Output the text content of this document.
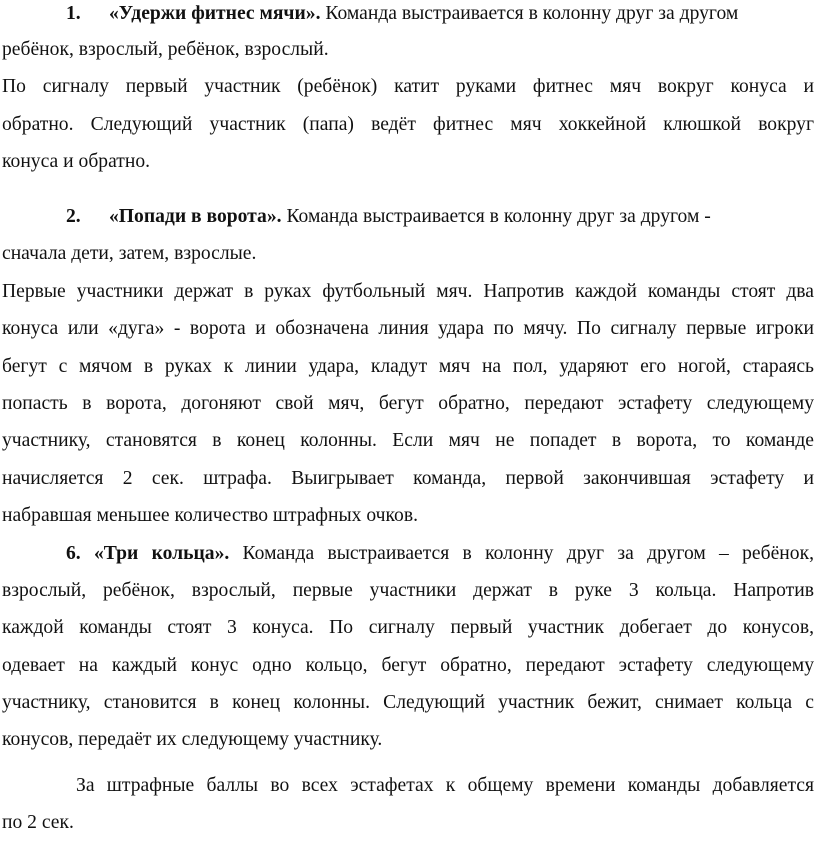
1. «Удержи фитнес мячи». Команда выстраивается в колонну друг за другом
ребёнок, взрослый, ребёнок, взрослый.
По сигналу первый участник (ребёнок) катит руками фитнес мяч вокруг конуса и
обратно. Следующий участник (папа) ведёт фитнес мяч хоккейной клюшкой вокруг
конуса и обратно.
2. «Попади в ворота». Команда выстраивается в колонну друг за другом -
сначала дети, затем, взрослые.
Первые участники держат в руках футбольный мяч. Напротив каждой команды стоят два
конуса или «дуга» - ворота и обозначена линия удара по мячу. По сигналу первые игроки
бегут с мячом в руках к линии удара, кладут мяч на пол, ударяют его ногой, стараясь
попасть в ворота, догоняют свой мяч, бегут обратно, передают эстафету следующему
участнику, становятся в конец колонны. Если мяч не попадет в ворота, то команде
начисляется 2 сек. штрафа. Выигрывает команда, первой закончившая эстафету и
набравшая меньшее количество штрафных очков.
6. «Три кольца». Команда выстраивается в колонну друг за другом – ребёнок,
взрослый, ребёнок, взрослый, первые участники держат в руке 3 кольца. Напротив
каждой команды стоят 3 конуса. По сигналу первый участник добегает до конусов,
одевает на каждый конус одно кольцо, бегут обратно, передают эстафету следующему
участнику, становится в конец колонны. Следующий участник бежит, снимает кольца с
конусов, передаёт их следующему участнику.
За штрафные баллы во всех эстафетах к общему времени команды добавляется
по 2 сек.
